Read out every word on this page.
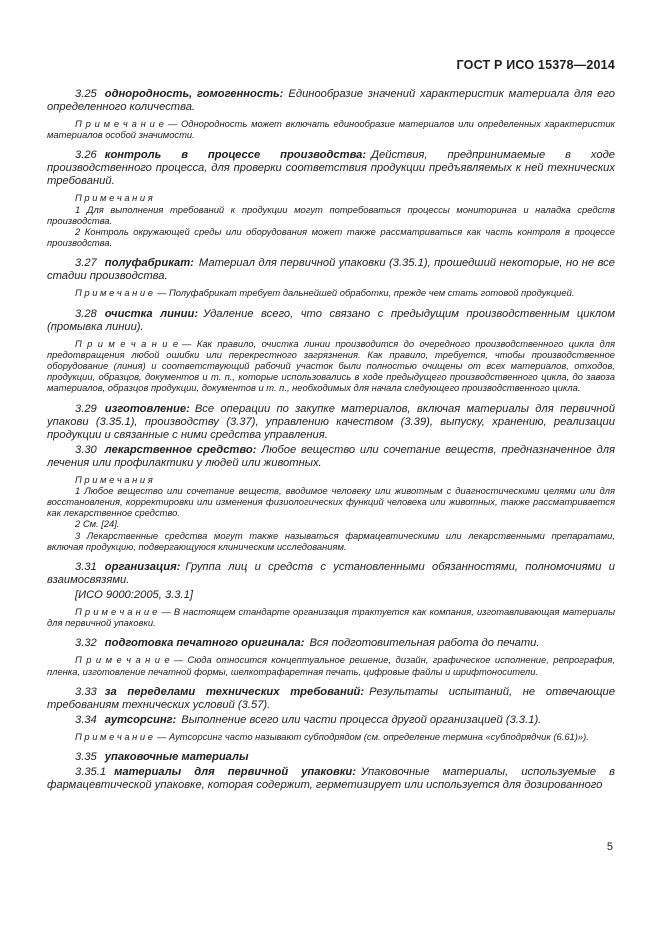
ГОСТ Р ИСО 15378—2014

3.25 однородность, гомогенность: Единообразие значений характеристик материала для его определенного количества.

П р и м е ч а н и е — Однородность может включать единообразие материалов или определенных характеристик материалов особой значимости.

3.26 контроль в процессе производства: Действия, предпринимаемые в ходе производственного процесса, для проверки соответствия продукции предъявляемых к ней технических требований.

П р и м е ч а н и я
1 Для выполнения требований к продукции могут потребоваться процессы мониторинга и наладка средств производства.
2 Контроль окружающей среды или оборудования может также рассматриваться как часть контроля в процессе производства.

3.27 полуфабрикат: Материал для первичной упаковки (3.35.1), прошедший некоторые, но не все стадии производства.

П р и м е ч а н и е — Полуфабрикат требует дальнейшей обработки, прежде чем стать готовой продукцией.

3.28 очистка линии: Удаление всего, что связано с предыдущим производственным циклом (промывка линии).

П р и м е ч а н и е — Как правило, очистка линии производится до очередного производственного цикла для предотвращения любой ошибки или перекрестного загрязнения. Как правило, требуется, чтобы производственное оборудование (линия) и соответствующий рабочий участок были полностью очищены от всех материалов, отходов, продукции, образцов, документов и т. п., которые использовались в ходе предыдущего производственного цикла, до завоза материалов, образцов продукции, документов и т. п., необходимых для начала следующего производственного цикла.

3.29 изготовление: Все операции по закупке материалов, включая материалы для первичной упакови (3.35.1), производству (3.37), управлению качеством (3.39), выпуску, хранению, реализации продукции и связанные с ними средства управления.

3.30 лекарственное средство: Любое вещество или сочетание веществ, предназначенное для лечения или профилактики у людей или животных.

П р и м е ч а н и я
1 Любое вещество или сочетание веществ, вводимое человеку или животным с диагностическими целями или для восстановления, корректировки или изменения физиологических функций человека или животных, также рассматривается как лекарственное средство.
2 См. [24].
3 Лекарственные средства могут также называться фармацевтическими или лекарственными препаратами, включая продукцию, подвергающуюся клиническим исследованиям.

3.31 организация: Группа лиц и средств с установленными обязанностями, полномочиями и взаимосвязями.

[ИСО 9000:2005, 3.3.1]

П р и м е ч а н и е — В настоящем стандарте организация трактуется как компания, изготавливающая материалы для первичной упаковки.

3.32 подготовка печатного оригинала: Вся подготовительная работа до печати.

П р и м е ч а н и е — Сюда относится концептуальное решение, дизайн, графическое исполнение, репрография, пленка, изготовление печатной формы, шелкотрафаретная печать, цифровые файлы и шрифтоносители.

3.33 за переделами технических требований: Результаты испытаний, не отвечающие требованиям технических условий (3.57).

3.34 аутсорсинг: Выполнение всего или части процесса другой организацией (3.3.1).

П р и м е ч а н и е — Аутсорсинг часто называют субподрядом (см. определение термина «субподрядчик (6.61)»).

3.35 упаковочные материалы

3.35.1 материалы для первичной упаковки: Упаковочные материалы, используемые в фармацевтической упаковке, которая содержит, герметизирует или используется для дозированного

5
